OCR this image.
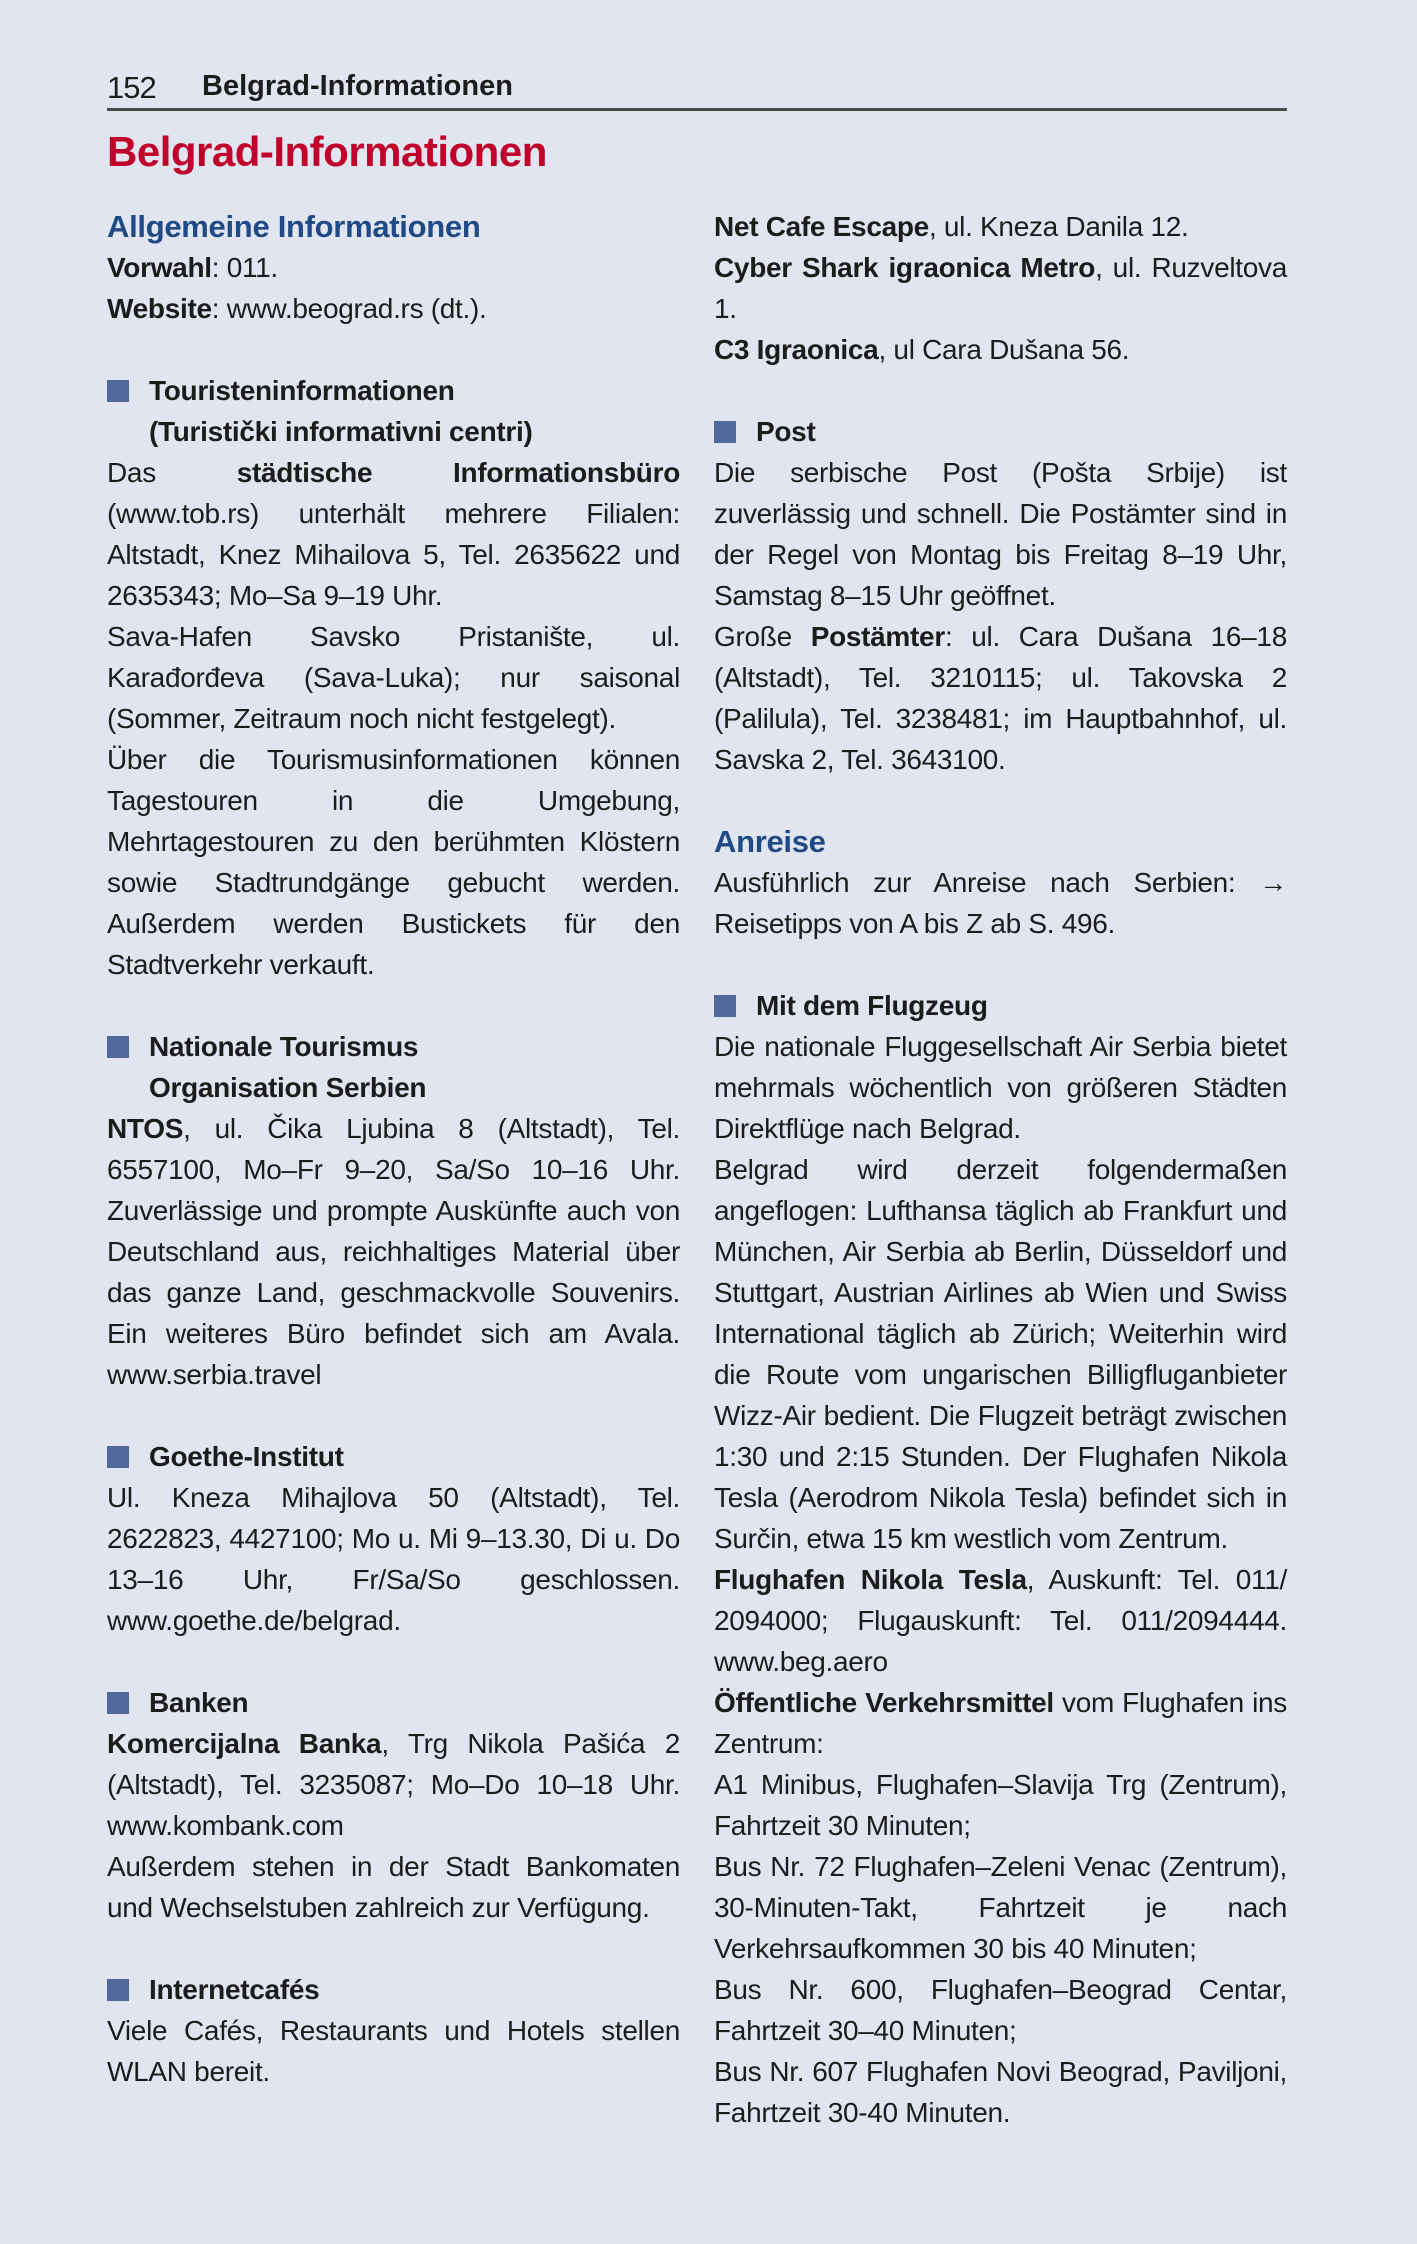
152 Belgrad-Informationen
Belgrad-Informationen
Allgemeine Informationen

Vorwahl: 011.

Website: www.beograd.rs (dt.).

Touristeninformationen
(Turistički informativni centri)

Das städtische Informationsbüro (www.tob.rs) unterhält mehrere Filialen: Altstadt, Knez Mihailova 5, Tel. 2635622 und 2635343; Mo–Sa 9–19 Uhr.

Sava-Hafen Savsko Pristanište, ul. Karađorđeva (Sava-Luka); nur saisonal (Sommer, Zeitraum noch nicht festgelegt).

Über die Tourismusinformationen können Tagestouren in die Umgebung, Mehrtagestouren zu den berühmten Klöstern sowie Stadtrundgänge gebucht werden. Außerdem werden Bustickets für den Stadtverkehr verkauft.

Nationale Tourismus
Organisation Serbien

NTOS, ul. Čika Ljubina 8 (Altstadt), Tel. 6557100, Mo–Fr 9–20, Sa/So 10–16 Uhr. Zuverlässige und prompte Auskünfte auch von Deutschland aus, reichhaltiges Material über das ganze Land, geschmackvolle Souvenirs. Ein weiteres Büro befindet sich am Avala. www.serbia.travel

Goethe-Institut

Ul. Kneza Mihajlova 50 (Altstadt), Tel. 2622823, 4427100; Mo u. Mi 9–13.30, Di u. Do 13–16 Uhr, Fr/Sa/So geschlossen. www.goethe.de/belgrad.

Banken

Komercijalna Banka, Trg Nikola Pašića 2 (Altstadt), Tel. 3235087; Mo–Do 10–18 Uhr. www.kombank.com

Außerdem stehen in der Stadt Bankomaten und Wechselstuben zahlreich zur Verfügung.

Internetcafés

Viele Cafés, Restaurants und Hotels stellen WLAN bereit.

Net Cafe Escape, ul. Kneza Danila 12.

Cyber Shark igraonica Metro, ul. Ruzveltova 1.

C3 Igraonica, ul Cara Dušana 56.

Post

Die serbische Post (Pošta Srbije) ist zuverlässig und schnell. Die Postämter sind in der Regel von Montag bis Freitag 8–19 Uhr, Samstag 8–15 Uhr geöffnet.

Große Postämter: ul. Cara Dušana 16–18 (Altstadt), Tel. 3210115; ul. Takovska 2 (Palilula), Tel. 3238481; im Hauptbahnhof, ul. Savska 2, Tel. 3643100.

Anreise

Ausführlich zur Anreise nach Serbien: → Reisetipps von A bis Z ab S. 496.

Mit dem Flugzeug

Die nationale Fluggesellschaft Air Serbia bietet mehrmals wöchentlich von größeren Städten Direktflüge nach Belgrad.

Belgrad wird derzeit folgendermaßen angeflogen: Lufthansa täglich ab Frankfurt und München, Air Serbia ab Berlin, Düsseldorf und Stuttgart, Austrian Airlines ab Wien und Swiss International täglich ab Zürich; Weiterhin wird die Route vom ungarischen Billigfluganbieter Wizz-Air bedient. Die Flugzeit beträgt zwischen 1:30 und 2:15 Stunden. Der Flughafen Nikola Tesla (Aerodrom Nikola Tesla) befindet sich in Surčin, etwa 15 km westlich vom Zentrum.

Flughafen Nikola Tesla, Auskunft: Tel. 011/ 2094000; Flugauskunft: Tel. 011/2094444. www.beg.aero

Öffentliche Verkehrsmittel vom Flughafen ins Zentrum:

A1 Minibus, Flughafen–Slavija Trg (Zentrum), Fahrtzeit 30 Minuten;

Bus Nr. 72 Flughafen–Zeleni Venac (Zentrum), 30-Minuten-Takt, Fahrtzeit je nach Verkehrsaufkommen 30 bis 40 Minuten;

Bus Nr. 600, Flughafen–Beograd Centar, Fahrtzeit 30–40 Minuten;

Bus Nr. 607 Flughafen Novi Beograd, Paviljoni, Fahrtzeit 30-40 Minuten.
